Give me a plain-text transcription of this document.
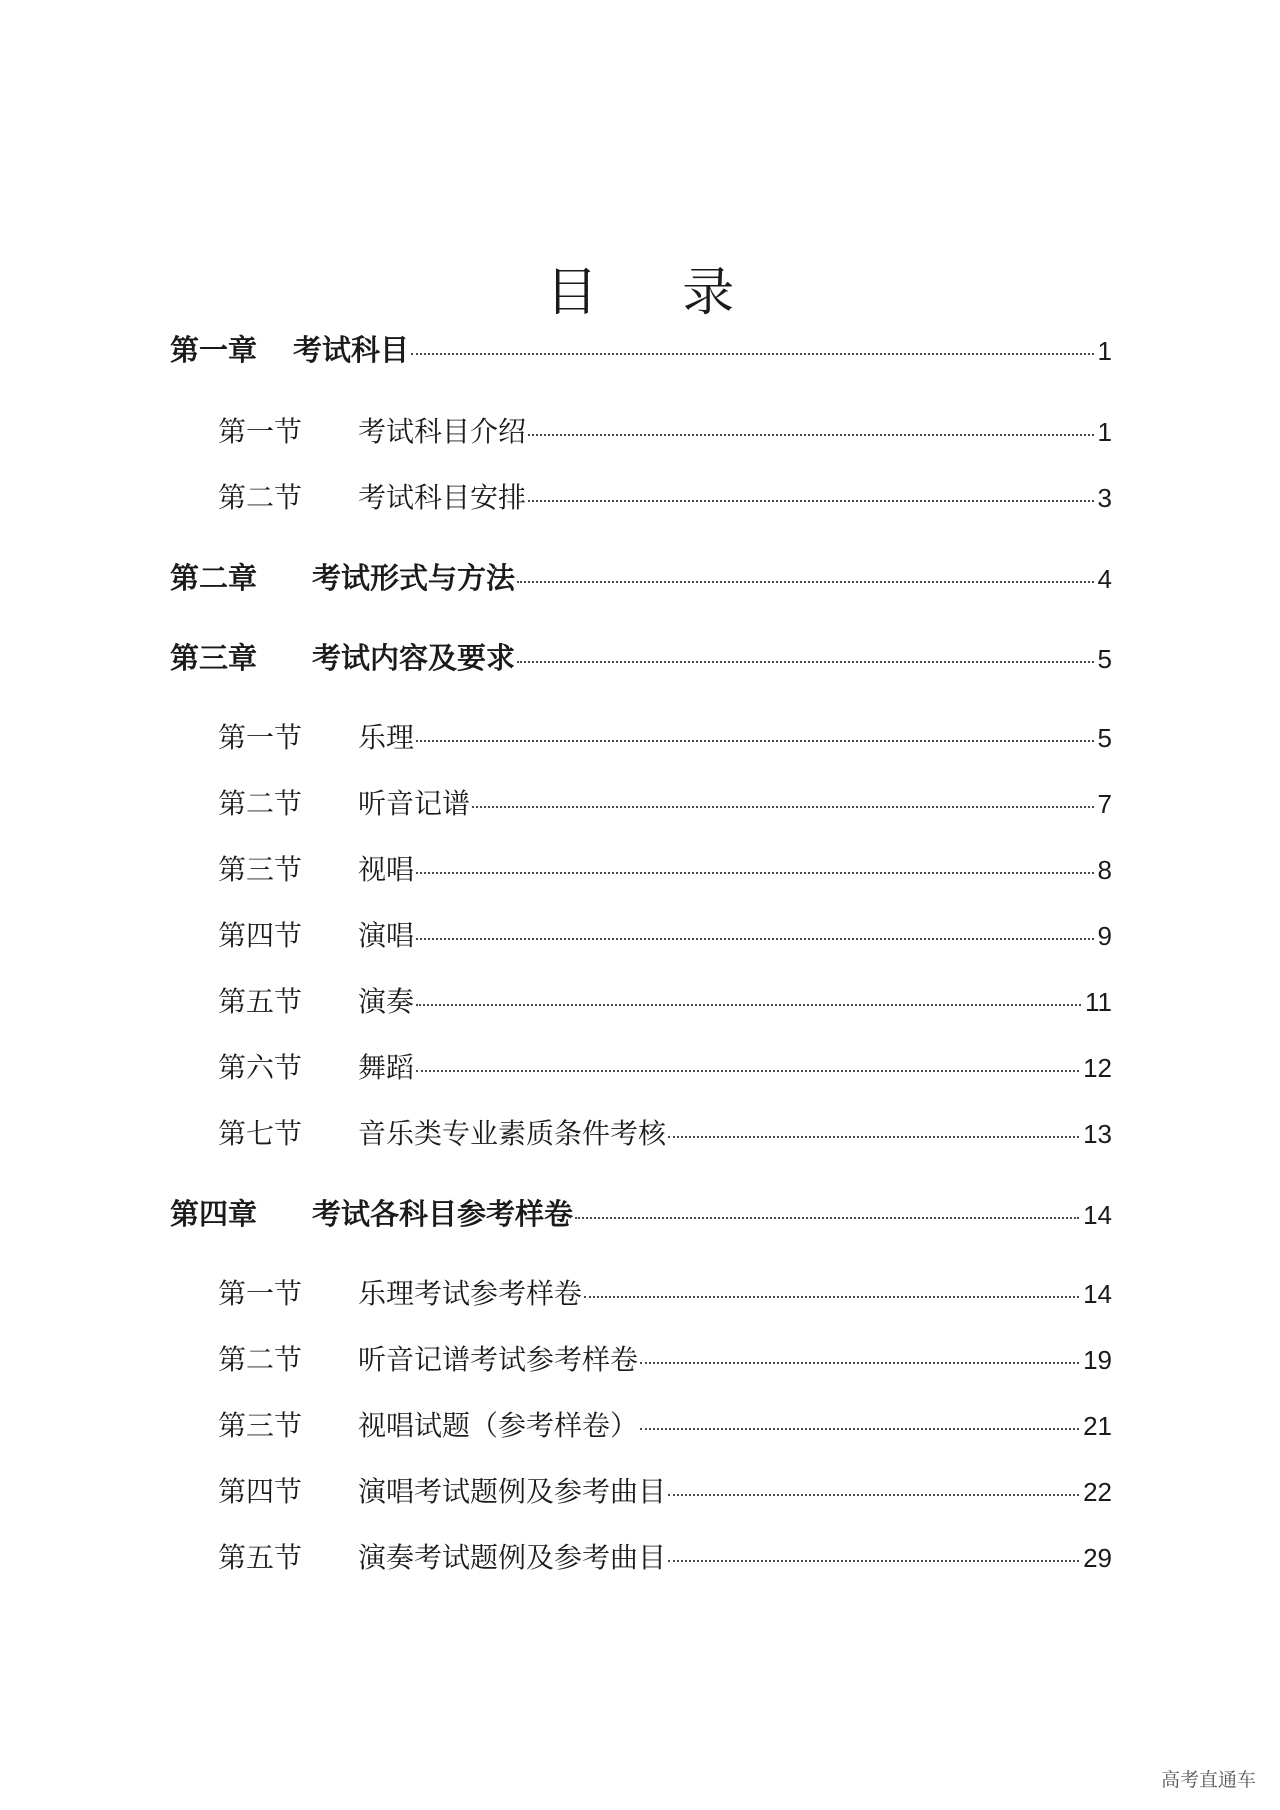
目 录
第一章	考试科目	1
第一节	考试科目介绍	1
第二节	考试科目安排	3
第二章	考试形式与方法	4
第三章	考试内容及要求	5
第一节	乐理	5
第二节	听音记谱	7
第三节	视唱	8
第四节	演唱	9
第五节	演奏	11
第六节	舞蹈	12
第七节	音乐类专业素质条件考核	13
第四章	考试各科目参考样卷	14
第一节	乐理考试参考样卷	14
第二节	听音记谱考试参考样卷	19
第三节	视唱试题（参考样卷）	21
第四节	演唱考试题例及参考曲目	22
第五节	演奏考试题例及参考曲目	29
高考直通车
